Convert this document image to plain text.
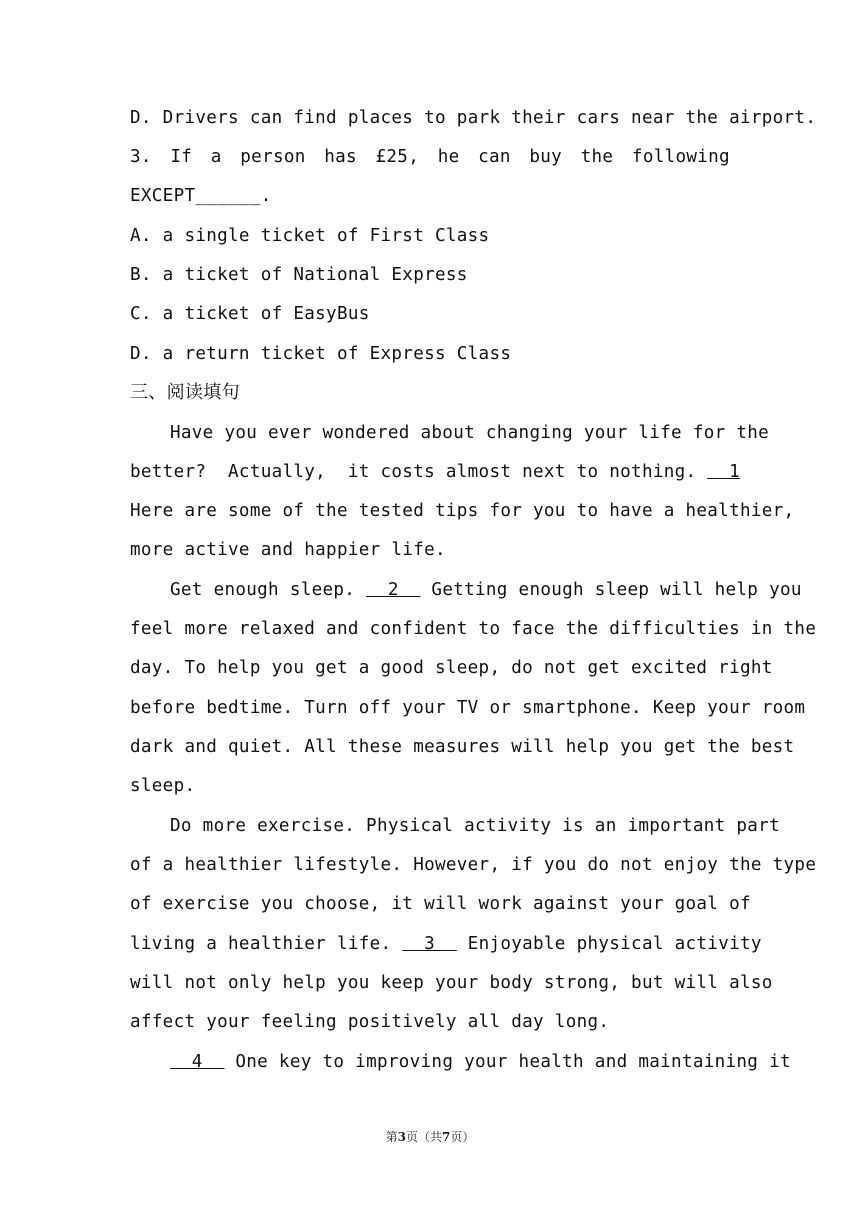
D. Drivers can find places to park their cars near the airport.
3. If a person has £25, he can buy the following
EXCEPT______.
A. a single ticket of First Class
B. a ticket of National Express
C. a ticket of EasyBus
D. a return ticket of Express Class
三、阅读填句
Have you ever wondered about changing your life for the
better?  Actually,  it costs almost next to nothing.   1
Here are some of the tested tips for you to have a healthier,
more active and happier life.
Get enough sleep.   2   Getting enough sleep will help you
feel more relaxed and confident to face the difficulties in the
day. To help you get a good sleep, do not get excited right
before bedtime. Turn off your TV or smartphone. Keep your room
dark and quiet. All these measures will help you get the best
sleep.
Do more exercise. Physical activity is an important part
of a healthier lifestyle. However, if you do not enjoy the type
of exercise you choose, it will work against your goal of
living a healthier life.   3   Enjoyable physical activity
will not only help you keep your body strong, but will also
affect your feeling positively all day long.
4   One key to improving your health and maintaining it
第3页（共7页）
